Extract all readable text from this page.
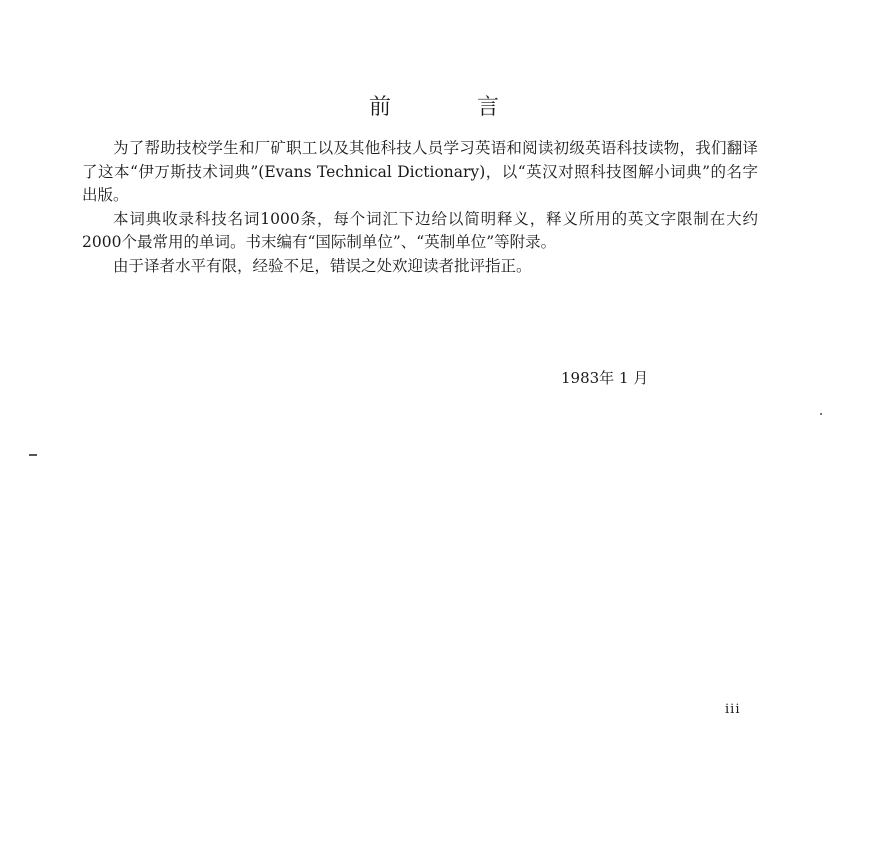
前	言

为了帮助技校学生和厂矿职工以及其他科技人员学习英语和阅读初级英语科技读物，我们翻译了这本“伊万斯技术词典”(Evans Technical Dictionary)，以“英汉对照科技图解小词典”的名字出版。

本词典收录科技名词1000条，每个词汇下边给以简明释义，释义所用的英文字限制在大约2000个最常用的单词。书末编有“国际制单位”、“英制单位”等附录。

由于译者水平有限，经验不足，错误之处欢迎读者批评指正。

1983年 1 月
iii
